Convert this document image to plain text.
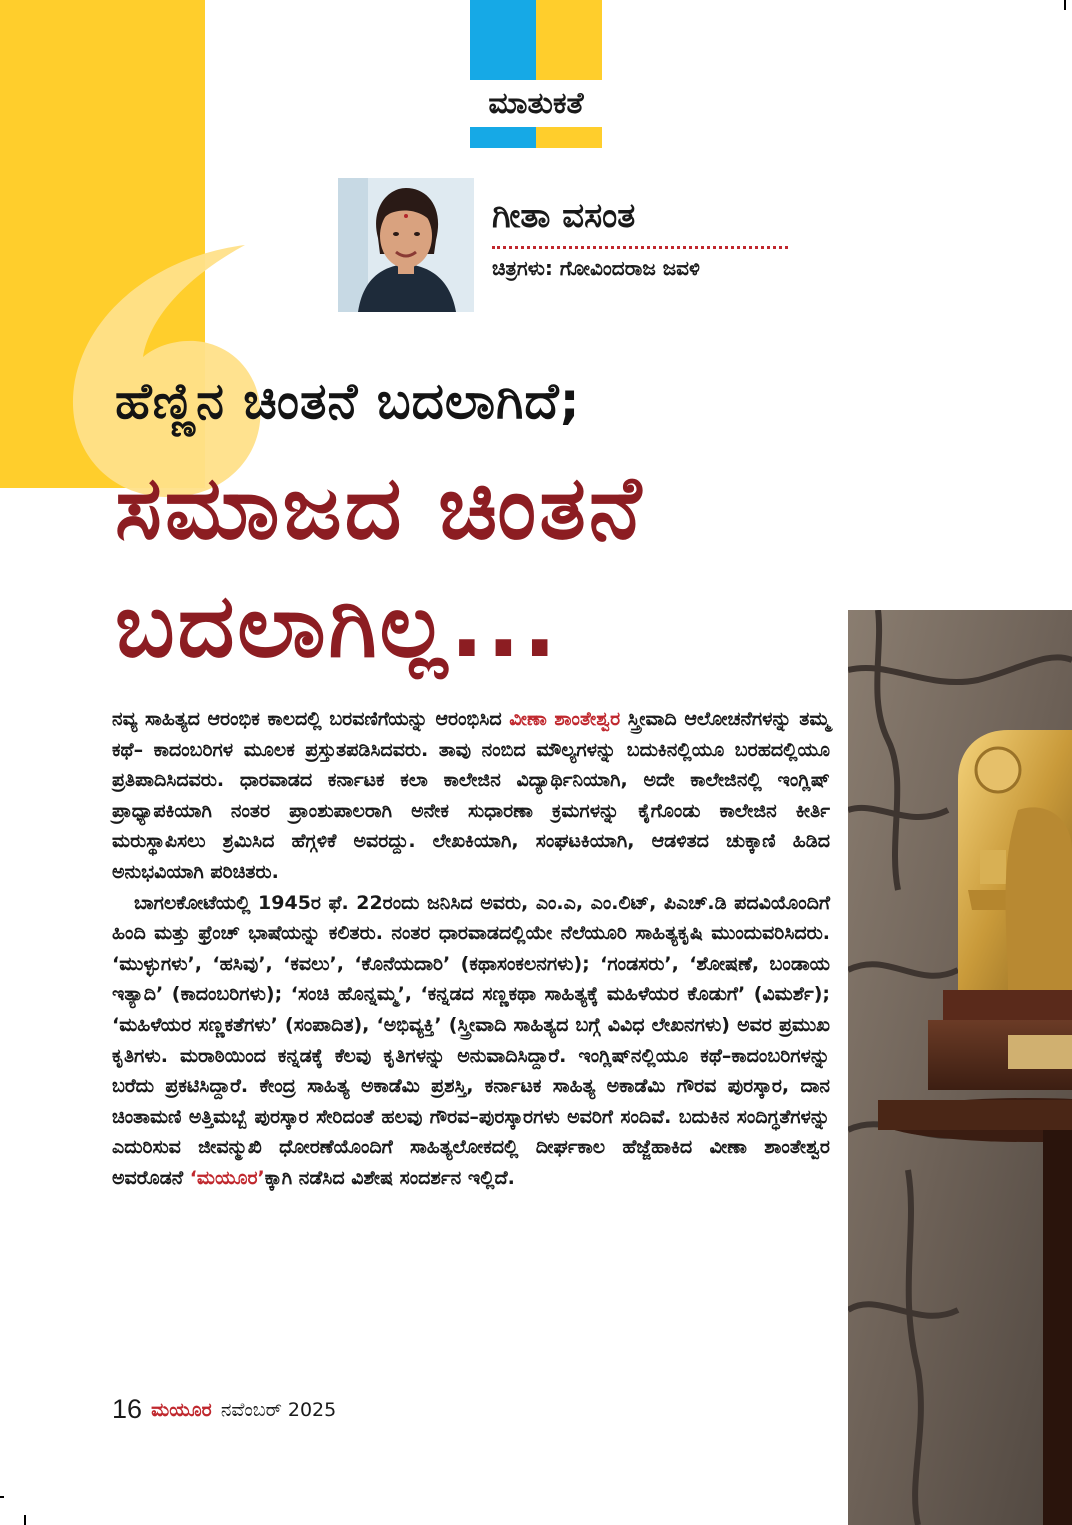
ಮಾತುಕತೆ
ಗೀತಾ ವಸಂತ
ಚಿತ್ರಗಳು: ಗೋವಿಂದರಾಜ ಜವಳಿ
ಹೆಣ್ಣಿನ ಚಿಂತನೆ ಬದಲಾಗಿದೆ;
ಸಮಾಜದ ಚಿಂತನೆ
ಬದಲಾಗಿಲ್ಲ...

ನವ್ಯ ಸಾಹಿತ್ಯದ ಆರಂಭಿಕ ಕಾಲದಲ್ಲಿ ಬರವಣಿಗೆಯನ್ನು ಆರಂಭಿಸಿದ ವೀಣಾ ಶಾಂತೇಶ್ವರ ಸ್ತ್ರೀವಾದಿ ಆಲೋಚನೆಗಳನ್ನು ತಮ್ಮ ಕಥೆ– ಕಾದಂಬರಿಗಳ ಮೂಲಕ ಪ್ರಸ್ತುತಪಡಿಸಿದವರು. ತಾವು ನಂಬಿದ ಮೌಲ್ಯಗಳನ್ನು ಬದುಕಿನಲ್ಲಿಯೂ ಬರಹದಲ್ಲಿಯೂ ಪ್ರತಿಪಾದಿಸಿದವರು. ಧಾರವಾಡದ ಕರ್ನಾಟಕ ಕಲಾ ಕಾಲೇಜಿನ ವಿದ್ಯಾರ್ಥಿನಿಯಾಗಿ, ಅದೇ ಕಾಲೇಜಿನಲ್ಲಿ ಇಂಗ್ಲಿಷ್ ಪ್ರಾಧ್ಯಾಪಕಿಯಾಗಿ ನಂತರ ಪ್ರಾಂಶುಪಾಲರಾಗಿ ಅನೇಕ ಸುಧಾರಣಾ ಕ್ರಮಗಳನ್ನು ಕೈಗೊಂಡು ಕಾಲೇಜಿನ ಕೀರ್ತಿ ಮರುಸ್ಥಾಪಿಸಲು ಶ್ರಮಿಸಿದ ಹೆಗ್ಗಳಿಕೆ ಅವರದ್ದು. ಲೇಖಕಿಯಾಗಿ, ಸಂಘಟಕಿಯಾಗಿ, ಆಡಳಿತದ ಚುಕ್ಕಾಣಿ ಹಿಡಿದ ಅನುಭವಿಯಾಗಿ ಪರಿಚಿತರು.

ಬಾಗಲಕೋಟೆಯಲ್ಲಿ 1945ರ ಫೆ. 22ರಂದು ಜನಿಸಿದ ಅವರು, ಎಂ.ಎ, ಎಂ.ಲಿಟ್, ಪಿಎಚ್.ಡಿ ಪದವಿಯೊಂದಿಗೆ ಹಿಂದಿ ಮತ್ತು ಫ್ರೆಂಚ್ ಭಾಷೆಯನ್ನು ಕಲಿತರು. ನಂತರ ಧಾರವಾಡದಲ್ಲಿಯೇ ನೆಲೆಯೂರಿ ಸಾಹಿತ್ಯಕೃಷಿ ಮುಂದುವರಿಸಿದರು. ‘ಮುಳ್ಳುಗಳು’, ‘ಹಸಿವು’, ‘ಕವಲು’, ‘ಕೊನೆಯದಾರಿ’ (ಕಥಾಸಂಕಲನಗಳು); ‘ಗಂಡಸರು’, ‘ಶೋಷಣೆ, ಬಂಡಾಯ ಇತ್ಯಾದಿ’ (ಕಾದಂಬರಿಗಳು); ‘ಸಂಚಿ ಹೊನ್ನಮ್ಮ’, ‘ಕನ್ನಡದ ಸಣ್ಣಕಥಾ ಸಾಹಿತ್ಯಕ್ಕೆ ಮಹಿಳೆಯರ ಕೊಡುಗೆ’ (ವಿಮರ್ಶೆ); ‘ಮಹಿಳೆಯರ ಸಣ್ಣಕತೆಗಳು’ (ಸಂಪಾದಿತ), ‘ಅಭಿವ್ಯಕ್ತಿ’ (ಸ್ತ್ರೀವಾದಿ ಸಾಹಿತ್ಯದ ಬಗ್ಗೆ ವಿವಿಧ ಲೇಖನಗಳು) ಅವರ ಪ್ರಮುಖ ಕೃತಿಗಳು. ಮರಾಠಿಯಿಂದ ಕನ್ನಡಕ್ಕೆ ಕೆಲವು ಕೃತಿಗಳನ್ನು ಅನುವಾದಿಸಿದ್ದಾರೆ. ಇಂಗ್ಲಿಷ್‌ನಲ್ಲಿಯೂ ಕಥೆ–ಕಾದಂಬರಿಗಳನ್ನು ಬರೆದು ಪ್ರಕಟಿಸಿದ್ದಾರೆ. ಕೇಂದ್ರ ಸಾಹಿತ್ಯ ಅಕಾಡೆಮಿ ಪ್ರಶಸ್ತಿ, ಕರ್ನಾಟಕ ಸಾಹಿತ್ಯ ಅಕಾಡೆಮಿ ಗೌರವ ಪುರಸ್ಕಾರ, ದಾನ ಚಿಂತಾಮಣಿ ಅತ್ತಿಮಬ್ಬೆ ಪುರಸ್ಕಾರ ಸೇರಿದಂತೆ ಹಲವು ಗೌರವ–ಪುರಸ್ಕಾರಗಳು ಅವರಿಗೆ ಸಂದಿವೆ. ಬದುಕಿನ ಸಂದಿಗ್ಧತೆಗಳನ್ನು ಎದುರಿಸುವ ಜೀವನ್ಮುಖಿ ಧೋರಣೆಯೊಂದಿಗೆ ಸಾಹಿತ್ಯಲೋಕದಲ್ಲಿ ದೀರ್ಘಕಾಲ ಹೆಜ್ಜೆಹಾಕಿದ ವೀಣಾ ಶಾಂತೇಶ್ವರ ಅವರೊಡನೆ ‘ಮಯೂರ’ಕ್ಕಾಗಿ ನಡೆಸಿದ ವಿಶೇಷ ಸಂದರ್ಶನ ಇಲ್ಲಿದೆ.

16 ಮಯೂರ ನವೆಂಬರ್ 2025
